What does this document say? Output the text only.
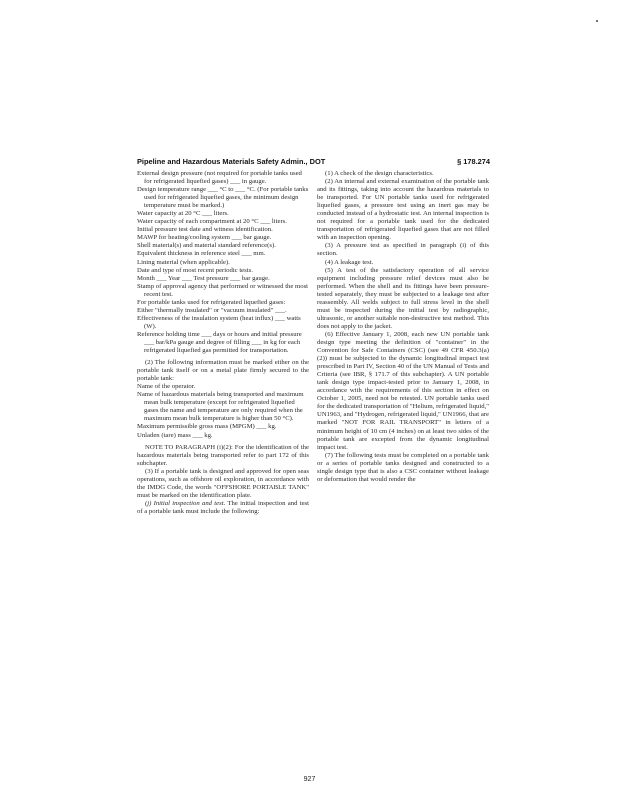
Pipeline and Hazardous Materials Safety Admin., DOT	§ 178.274

External design pressure (not required for portable tanks used for refrigerated liquefied gases) ___ in gauge.

Design temperature range ___ °C to ___ °C. (For portable tanks used for refrigerated liquefied gases, the minimum design temperature must be marked.)

Water capacity at 20 °C ___ liters.

Water capacity of each compartment at 20 °C ___ liters.

Initial pressure test date and witness identification.

MAWP for heating/cooling system ___ bar gauge.

Shell material(s) and material standard reference(s).

Equivalent thickness in reference steel ___ mm.

Lining material (when applicable).

Date and type of most recent periodic tests.

Month ___ Year ___ Test pressure ___ bar gauge.

Stamp of approval agency that performed or witnessed the most recent test.

For portable tanks used for refrigerated liquefied gases:

Either "thermally insulated" or "vacuum insulated" ___.

Effectiveness of the insulation system (heat influx) ___ watts (W).

Reference holding time ___ days or hours and initial pressure ___ bar/kPa gauge and degree of filling ___ in kg for each refrigerated liquefied gas permitted for transportation.

(2) The following information must be marked either on the portable tank itself or on a metal plate firmly secured to the portable tank:

Name of the operator.

Name of hazardous materials being transported and maximum mean bulk temperature (except for refrigerated liquefied gases the name and temperature are only required when the maximum mean bulk temperature is higher than 50 °C).

Maximum permissible gross mass (MPGM) ___ kg.

Unladen (tare) mass ___ kg.

NOTE TO PARAGRAPH (i)(2): For the identification of the hazardous materials being transported refer to part 172 of this subchapter.

(3) If a portable tank is designed and approved for open seas operations, such as offshore oil exploration, in accordance with the IMDG Code, the words "OFFSHORE PORTABLE TANK" must be marked on the identification plate.

(j) Initial inspection and test. The initial inspection and test of a portable tank must include the following:

(1) A check of the design characteristics.

(2) An internal and external examination of the portable tank and its fittings, taking into account the hazardous materials to be transported. For UN portable tanks used for refrigerated liquefied gases, a pressure test using an inert gas may be conducted instead of a hydrostatic test. An internal inspection is not required for a portable tank used for the dedicated transportation of refrigerated liquefied gases that are not filled with an inspection opening.

(3) A pressure test as specified in paragraph (i) of this section.

(4) A leakage test.

(5) A test of the satisfactory operation of all service equipment including pressure relief devices must also be performed. When the shell and its fittings have been pressure-tested separately, they must be subjected to a leakage test after reassembly. All welds subject to full stress level in the shell must be inspected during the initial test by radiographic, ultrasonic, or another suitable non-destructive test method. This does not apply to the jacket.

(6) Effective January 1, 2008, each new UN portable tank design type meeting the definition of "container" in the Convention for Safe Containers (CSC) (see 49 CFR 450.3(a)(2)) must be subjected to the dynamic longitudinal impact test prescribed in Part IV, Section 40 of the UN Manual of Tests and Criteria (see IBR, § 171.7 of this subchapter). A UN portable tank design type impact-tested prior to January 1, 2008, in accordance with the requirements of this section in effect on October 1, 2005, need not be retested. UN portable tanks used for the dedicated transportation of "Helium, refrigerated liquid," UN1963, and "Hydrogen, refrigerated liquid," UN1966, that are marked "NOT FOR RAIL TRANSPORT" in letters of a minimum height of 10 cm (4 inches) on at least two sides of the portable tank are excepted from the dynamic longitudinal impact test.

(7) The following tests must be completed on a portable tank or a series of portable tanks designed and constructed to a single design type that is also a CSC container without leakage or deformation that would render the

927
